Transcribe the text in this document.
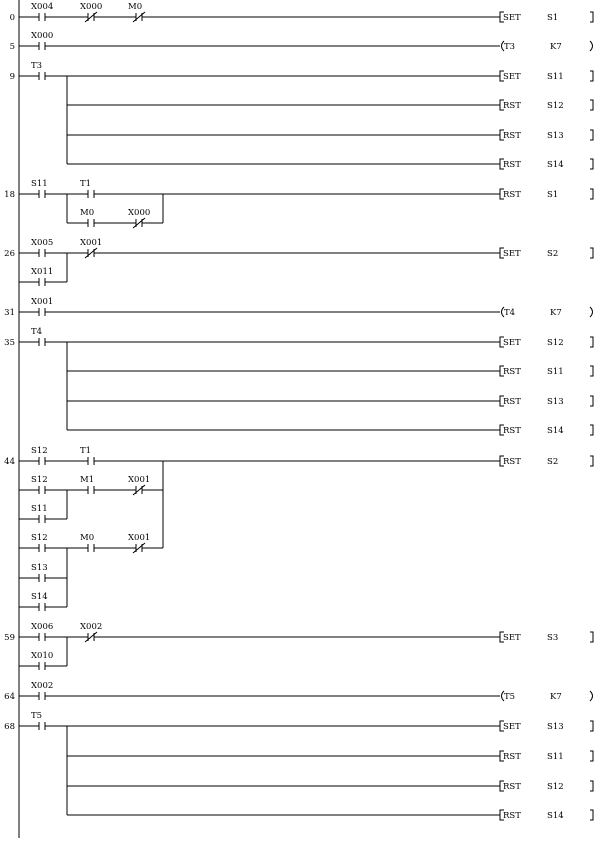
0
X004	X000	M0
SET	S1
5
X000
T3	K7
9
T3
SET	S11
RST	S12
RST	S13
RST	S14
18
S11	T1
M0	X000
RST	S1
26
X005	X001
X011
SET	S2
31
X001
T4	K7
35
T4
SET	S12
RST	S11
RST	S13
RST	S14
44
S12	T1
S12	M1	X001
S11
S12	M0	X001
S13
S14
RST	S2
59
X006	X002
X010
SET	S3
64
X002
T5	K7
68
T5
SET	S13
RST	S11
RST	S12
RST	S14
